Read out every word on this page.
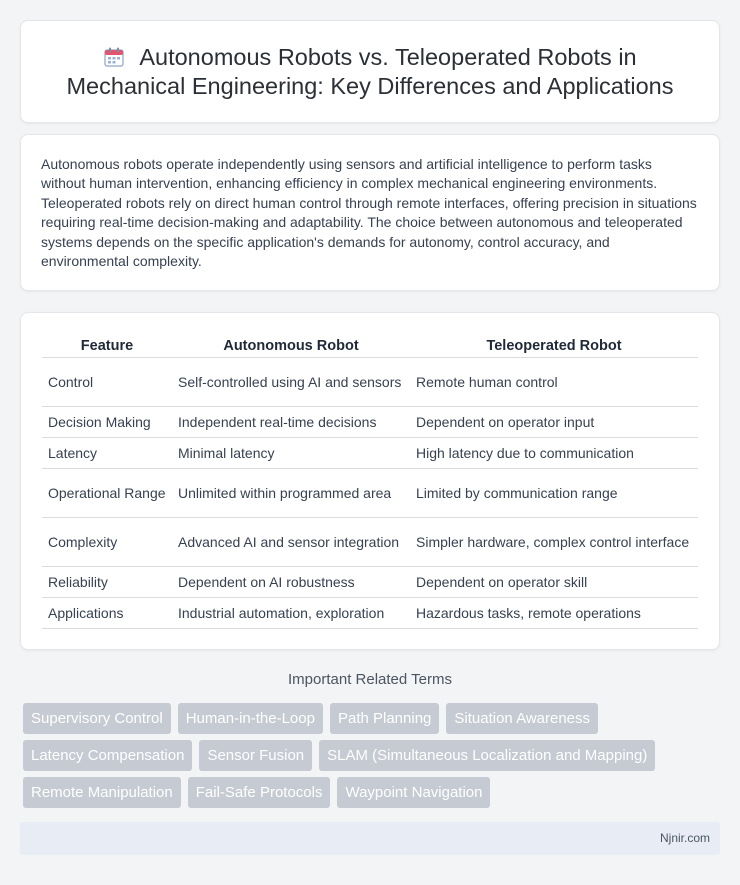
Autonomous Robots vs. Teleoperated Robots in Mechanical Engineering: Key Differences and Applications

Autonomous robots operate independently using sensors and artificial intelligence to perform tasks without human intervention, enhancing efficiency in complex mechanical engineering environments. Teleoperated robots rely on direct human control through remote interfaces, offering precision in situations requiring real-time decision-making and adaptability. The choice between autonomous and teleoperated systems depends on the specific application's demands for autonomy, control accuracy, and environmental complexity.

Feature	Autonomous Robot	Teleoperated Robot
Control	Self-controlled using AI and sensors	Remote human control
Decision Making	Independent real-time decisions	Dependent on operator input
Latency	Minimal latency	High latency due to communication
Operational Range	Unlimited within programmed area	Limited by communication range
Complexity	Advanced AI and sensor integration	Simpler hardware, complex control interface
Reliability	Dependent on AI robustness	Dependent on operator skill
Applications	Industrial automation, exploration	Hazardous tasks, remote operations
Important Related Terms
Supervisory Control	Human-in-the-Loop	Path Planning	Situation Awareness
Latency Compensation	Sensor Fusion	SLAM (Simultaneous Localization and Mapping)
Remote Manipulation	Fail-Safe Protocols	Waypoint Navigation
Njnir.com
